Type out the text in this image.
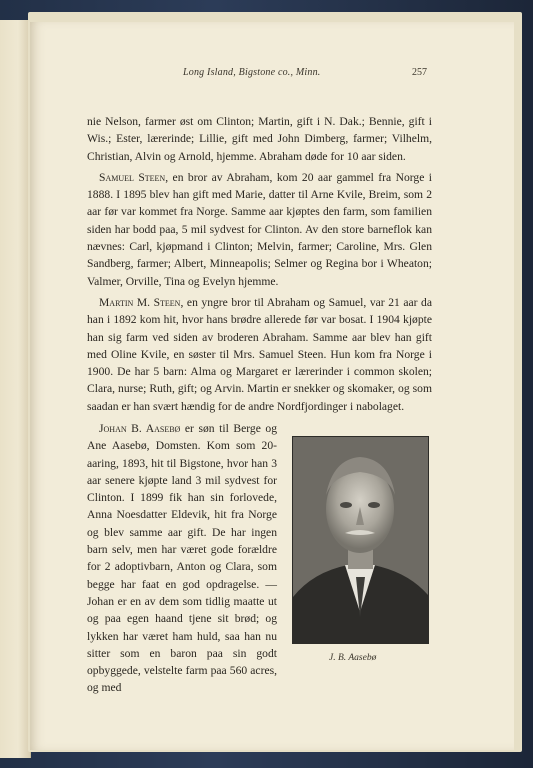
Long Island, Bigstone co., Minn.	257

nie Nelson, farmer øst om Clinton; Martin, gift i N. Dak.; Bennie, gift i Wis.; Ester, lærerinde; Lillie, gift med John Dimberg, farmer; Vilhelm, Christian, Alvin og Arnold, hjemme. Abraham døde for 10 aar siden.

Samuel Steen, en bror av Abraham, kom 20 aar gammel fra Norge i 1888. I 1895 blev han gift med Marie, datter til Arne Kvile, Breim, som 2 aar før var kommet fra Norge. Samme aar kjøptes den farm, som familien siden har bodd paa, 5 mil sydvest for Clinton. Av den store barneflok kan nævnes: Carl, kjøpmand i Clinton; Melvin, farmer; Caroline, Mrs. Glen Sandberg, farmer; Albert, Minneapolis; Selmer og Regina bor i Wheaton; Valmer, Orville, Tina og Evelyn hjemme.

Martin M. Steen, en yngre bror til Abraham og Samuel, var 21 aar da han i 1892 kom hit, hvor hans brødre allerede før var bosat. I 1904 kjøpte han sig farm ved siden av broderen Abraham. Samme aar blev han gift med Oline Kvile, en søster til Mrs. Samuel Steen. Hun kom fra Norge i 1900. De har 5 barn: Alma og Margaret er lærerinder i common skolen; Clara, nurse; Ruth, gift; og Arvin. Martin er snekker og skomaker, og som saadan er han svært hændig for de andre Nordfjordinger i nabolaget.

Johan B. Aasebø er søn til Berge og Ane Aasebø, Domsten. Kom som 20-aaring, 1893, hit til Bigstone, hvor han 3 aar senere kjøpte land 3 mil sydvest for Clinton. I 1899 fik han sin forlovede, Anna Noesdatter Eldevik, hit fra Norge og blev samme aar gift. De har ingen barn selv, men har været gode forældre for 2 adoptivbarn, Anton og Clara, som begge har faat en god opdragelse. — Johan er en av dem som tidlig maatte ut og paa egen haand tjene sit brød; og lykken har været ham huld, saa han nu sitter som en baron paa sin godt opbyggede, velstelte farm paa 560 acres, og med

J. B. Aasebø
